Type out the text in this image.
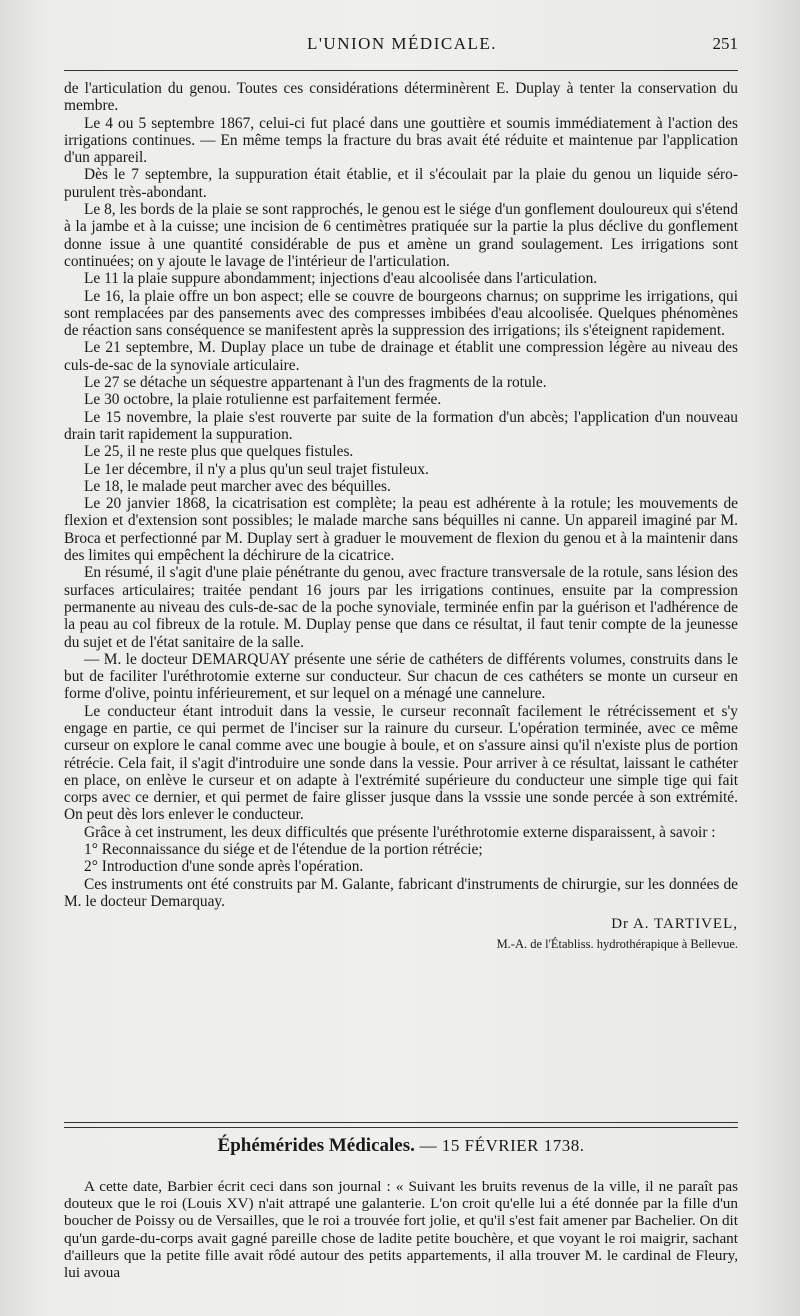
L'UNION MÉDICALE.	251

de l'articulation du genou. Toutes ces considérations déterminèrent E. Duplay à tenter la conservation du membre.

Le 4 ou 5 septembre 1867, celui-ci fut placé dans une gouttière et soumis immédiatement à l'action des irrigations continues. — En même temps la fracture du bras avait été réduite et maintenue par l'application d'un appareil.

Dès le 7 septembre, la suppuration était établie, et il s'écoulait par la plaie du genou un liquide séro-purulent très-abondant.

Le 8, les bords de la plaie se sont rapprochés, le genou est le siége d'un gonflement douloureux qui s'étend à la jambe et à la cuisse; une incision de 6 centimètres pratiquée sur la partie la plus déclive du gonflement donne issue à une quantité considérable de pus et amène un grand soulagement. Les irrigations sont continuées; on y ajoute le lavage de l'intérieur de l'articulation.

Le 11 la plaie suppure abondamment; injections d'eau alcoolisée dans l'articulation.

Le 16, la plaie offre un bon aspect; elle se couvre de bourgeons charnus; on supprime les irrigations, qui sont remplacées par des pansements avec des compresses imbibées d'eau alcoolisée. Quelques phénomènes de réaction sans conséquence se manifestent après la suppression des irrigations; ils s'éteignent rapidement.

Le 21 septembre, M. Duplay place un tube de drainage et établit une compression légère au niveau des culs-de-sac de la synoviale articulaire.

Le 27 se détache un séquestre appartenant à l'un des fragments de la rotule.

Le 30 octobre, la plaie rotulienne est parfaitement fermée.

Le 15 novembre, la plaie s'est rouverte par suite de la formation d'un abcès; l'application d'un nouveau drain tarit rapidement la suppuration.

Le 25, il ne reste plus que quelques fistules.

Le 1er décembre, il n'y a plus qu'un seul trajet fistuleux.

Le 18, le malade peut marcher avec des béquilles.

Le 20 janvier 1868, la cicatrisation est complète; la peau est adhérente à la rotule; les mouvements de flexion et d'extension sont possibles; le malade marche sans béquilles ni canne. Un appareil imaginé par M. Broca et perfectionné par M. Duplay sert à graduer le mouvement de flexion du genou et à la maintenir dans des limites qui empêchent la déchirure de la cicatrice.

En résumé, il s'agit d'une plaie pénétrante du genou, avec fracture transversale de la rotule, sans lésion des surfaces articulaires; traitée pendant 16 jours par les irrigations continues, ensuite par la compression permanente au niveau des culs-de-sac de la poche synoviale, terminée enfin par la guérison et l'adhérence de la peau au col fibreux de la rotule. M. Duplay pense que dans ce résultat, il faut tenir compte de la jeunesse du sujet et de l'état sanitaire de la salle.

— M. le docteur DEMARQUAY présente une série de cathéters de différents volumes, construits dans le but de faciliter l'uréthrotomie externe sur conducteur. Sur chacun de ces cathéters se monte un curseur en forme d'olive, pointu inférieurement, et sur lequel on a ménagé une cannelure.

Le conducteur étant introduit dans la vessie, le curseur reconnaît facilement le rétrécissement et s'y engage en partie, ce qui permet de l'inciser sur la rainure du curseur. L'opération terminée, avec ce même curseur on explore le canal comme avec une bougie à boule, et on s'assure ainsi qu'il n'existe plus de portion rétrécie. Cela fait, il s'agit d'introduire une sonde dans la vessie. Pour arriver à ce résultat, laissant le cathéter en place, on enlève le curseur et on adapte à l'extrémité supérieure du conducteur une simple tige qui fait corps avec ce dernier, et qui permet de faire glisser jusque dans la vsssie une sonde percée à son extrémité. On peut dès lors enlever le conducteur.

Grâce à cet instrument, les deux difficultés que présente l'uréthrotomie externe disparaissent, à savoir :

1° Reconnaissance du siége et de l'étendue de la portion rétrécie;

2° Introduction d'une sonde après l'opération.

Ces instruments ont été construits par M. Galante, fabricant d'instruments de chirurgie, sur les données de M. le docteur Demarquay.

Dr A. TARTIVEL,
M.-A. de l'Établiss. hydrothérapique à Bellevue.
Éphémérides Médicales. — 15 FÉVRIER 1738.

A cette date, Barbier écrit ceci dans son journal : « Suivant les bruits revenus de la ville, il ne paraît pas douteux que le roi (Louis XV) n'ait attrapé une galanterie. L'on croit qu'elle lui a été donnée par la fille d'un boucher de Poissy ou de Versailles, que le roi a trouvée fort jolie, et qu'il s'est fait amener par Bachelier. On dit qu'un garde-du-corps avait gagné pareille chose de ladite petite bouchère, et que voyant le roi maigrir, sachant d'ailleurs que la petite fille avait rôdé autour des petits appartements, il alla trouver M. le cardinal de Fleury, lui avoua
